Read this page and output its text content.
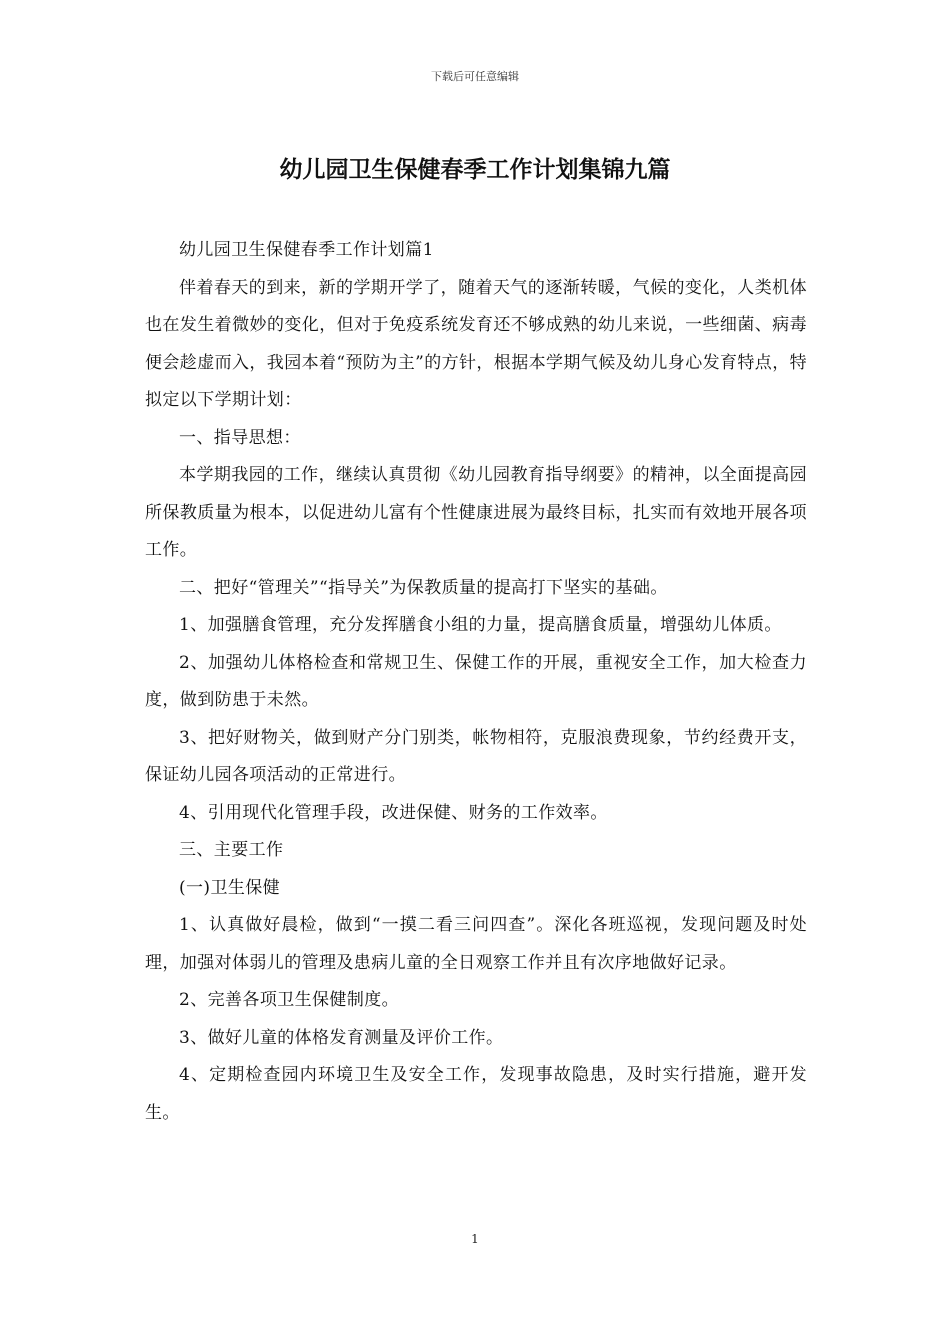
下载后可任意编辑
幼儿园卫生保健春季工作计划集锦九篇

幼儿园卫生保健春季工作计划篇1

伴着春天的到来，新的学期开学了，随着天气的逐渐转暖，气候的变化，人类机体也在发生着微妙的变化，但对于免疫系统发育还不够成熟的幼儿来说，一些细菌、病毒便会趁虚而入，我园本着“预防为主”的方针，根据本学期气候及幼儿身心发育特点，特拟定以下学期计划：

一、指导思想：

本学期我园的工作，继续认真贯彻《幼儿园教育指导纲要》的精神，以全面提高园所保教质量为根本，以促进幼儿富有个性健康进展为最终目标，扎实而有效地开展各项工作。

二、把好“管理关”“指导关”为保教质量的提高打下坚实的基础。

1、加强膳食管理，充分发挥膳食小组的力量，提高膳食质量，增强幼儿体质。

2、加强幼儿体格检查和常规卫生、保健工作的开展，重视安全工作，加大检查力度，做到防患于未然。

3、把好财物关，做到财产分门别类，帐物相符，克服浪费现象，节约经费开支，保证幼儿园各项活动的正常进行。

4、引用现代化管理手段，改进保健、财务的工作效率。

三、主要工作

(一)卫生保健

1、认真做好晨检，做到“一摸二看三问四查”。深化各班巡视，发现问题及时处理，加强对体弱儿的管理及患病儿童的全日观察工作并且有次序地做好记录。

2、完善各项卫生保健制度。

3、做好儿童的体格发育测量及评价工作。

4、定期检查园内环境卫生及安全工作，发现事故隐患，及时实行措施，避开发生。

1
